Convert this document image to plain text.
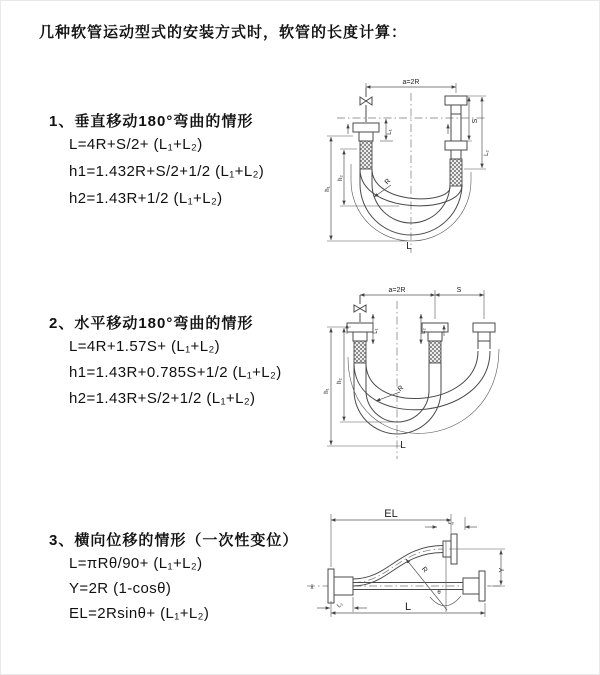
几种软管运动型式的安装方式时，软管的长度计算：
1、垂直移动180°弯曲的情形
L=4R+S/2+ (L₁+L₂)
h1=1.432R+S/2+1/2 (L₁+L₂)
h2=1.43R+1/2 (L₁+L₂)
2、水平移动180°弯曲的情形
L=4R+1.57S+ (L₁+L₂)
h1=1.43R+0.785S+1/2 (L₁+L₂)
h2=1.43R+S/2+1/2 (L₁+L₂)
3、横向位移的情形（一次性变位）
L=πRθ/90+ (L₁+L₂)
Y=2R (1-cosθ)
EL=2Rsinθ+ (L₁+L₂)
a=2R
L₁
S
L₂
h₁
h₂	R
L
a=2R	S
L₁	L₂
h₁
h₂
R
L
EL
L₂
Y
R
θ
L
L₁
x̄
